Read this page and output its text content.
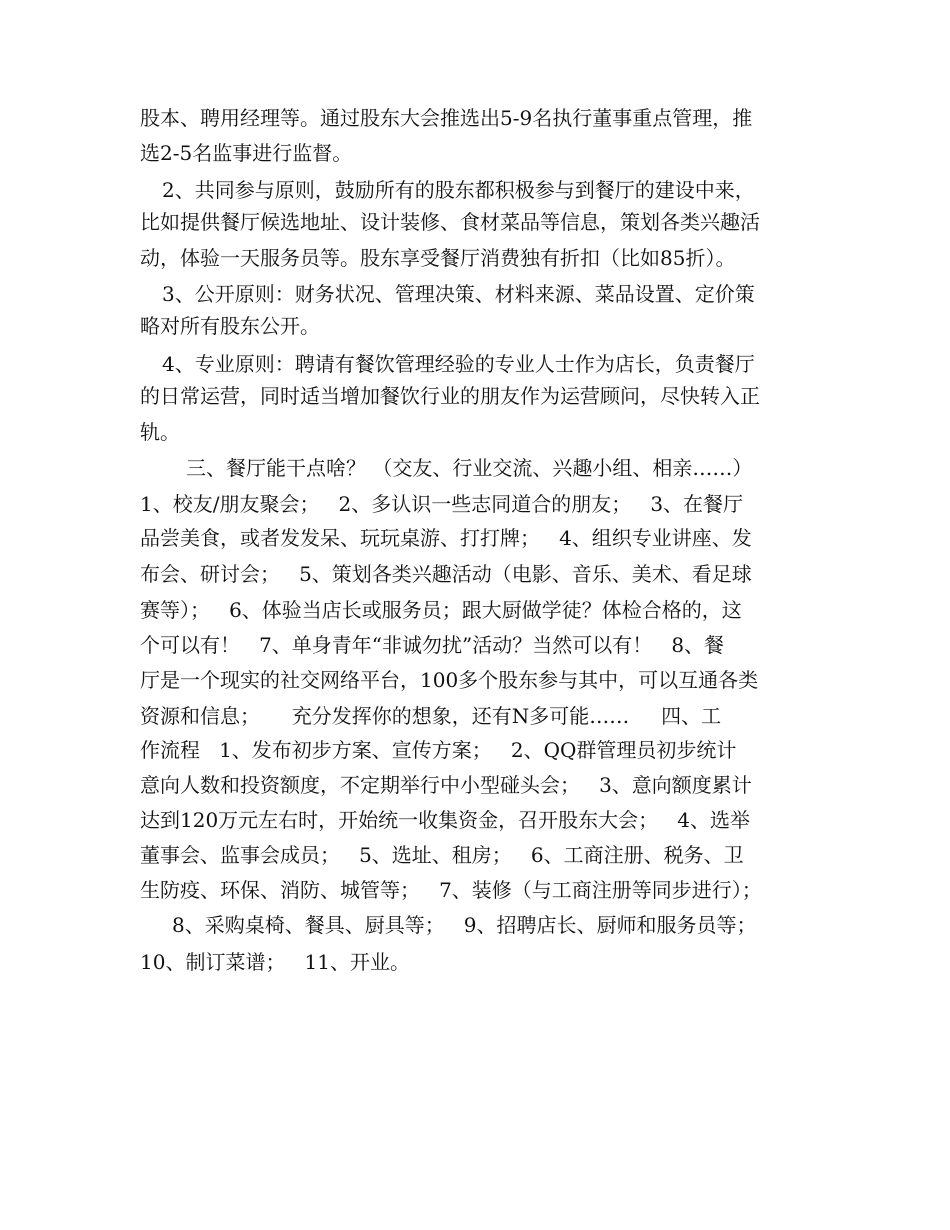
股本、聘用经理等。通过股东大会推选出5-9名执行董事重点管理，推

选2-5名监事进行监督。

2、共同参与原则，鼓励所有的股东都积极参与到餐厅的建设中来，

比如提供餐厅候选地址、设计装修、食材菜品等信息，策划各类兴趣活

动，体验一天服务员等。股东享受餐厅消费独有折扣（比如85折）。

3、公开原则：财务状况、管理决策、材料来源、菜品设置、定价策

略对所有股东公开。

4、专业原则：聘请有餐饮管理经验的专业人士作为店长，负责餐厅

的日常运营，同时适当增加餐饮行业的朋友作为运营顾问，尽快转入正

轨。

三、餐厅能干点啥？ （交友、行业交流、兴趣小组、相亲……）

1、校友/朋友聚会；   2、多认识一些志同道合的朋友；   3、在餐厅

品尝美食，或者发发呆、玩玩桌游、打打牌；   4、组织专业讲座、发

布会、研讨会；   5、策划各类兴趣活动（电影、音乐、美术、看足球

赛等）；   6、体验当店长或服务员；跟大厨做学徒？体检合格的，这

个可以有！   7、单身青年“非诚勿扰”活动？当然可以有！   8、餐

厅是一个现实的社交网络平台，100多个股东参与其中，可以互通各类

资源和信息；     充分发挥你的想象，还有N多可能……     四、工

作流程   1、发布初步方案、宣传方案；   2、QQ群管理员初步统计

意向人数和投资额度，不定期举行中小型碰头会；   3、意向额度累计

达到120万元左右时，开始统一收集资金，召开股东大会；   4、选举

董事会、监事会成员；   5、选址、租房；   6、工商注册、税务、卫

生防疫、环保、消防、城管等；   7、装修（与工商注册等同步进行）；

8、采购桌椅、餐具、厨具等；   9、招聘店长、厨师和服务员等；

10、制订菜谱；   11、开业。
